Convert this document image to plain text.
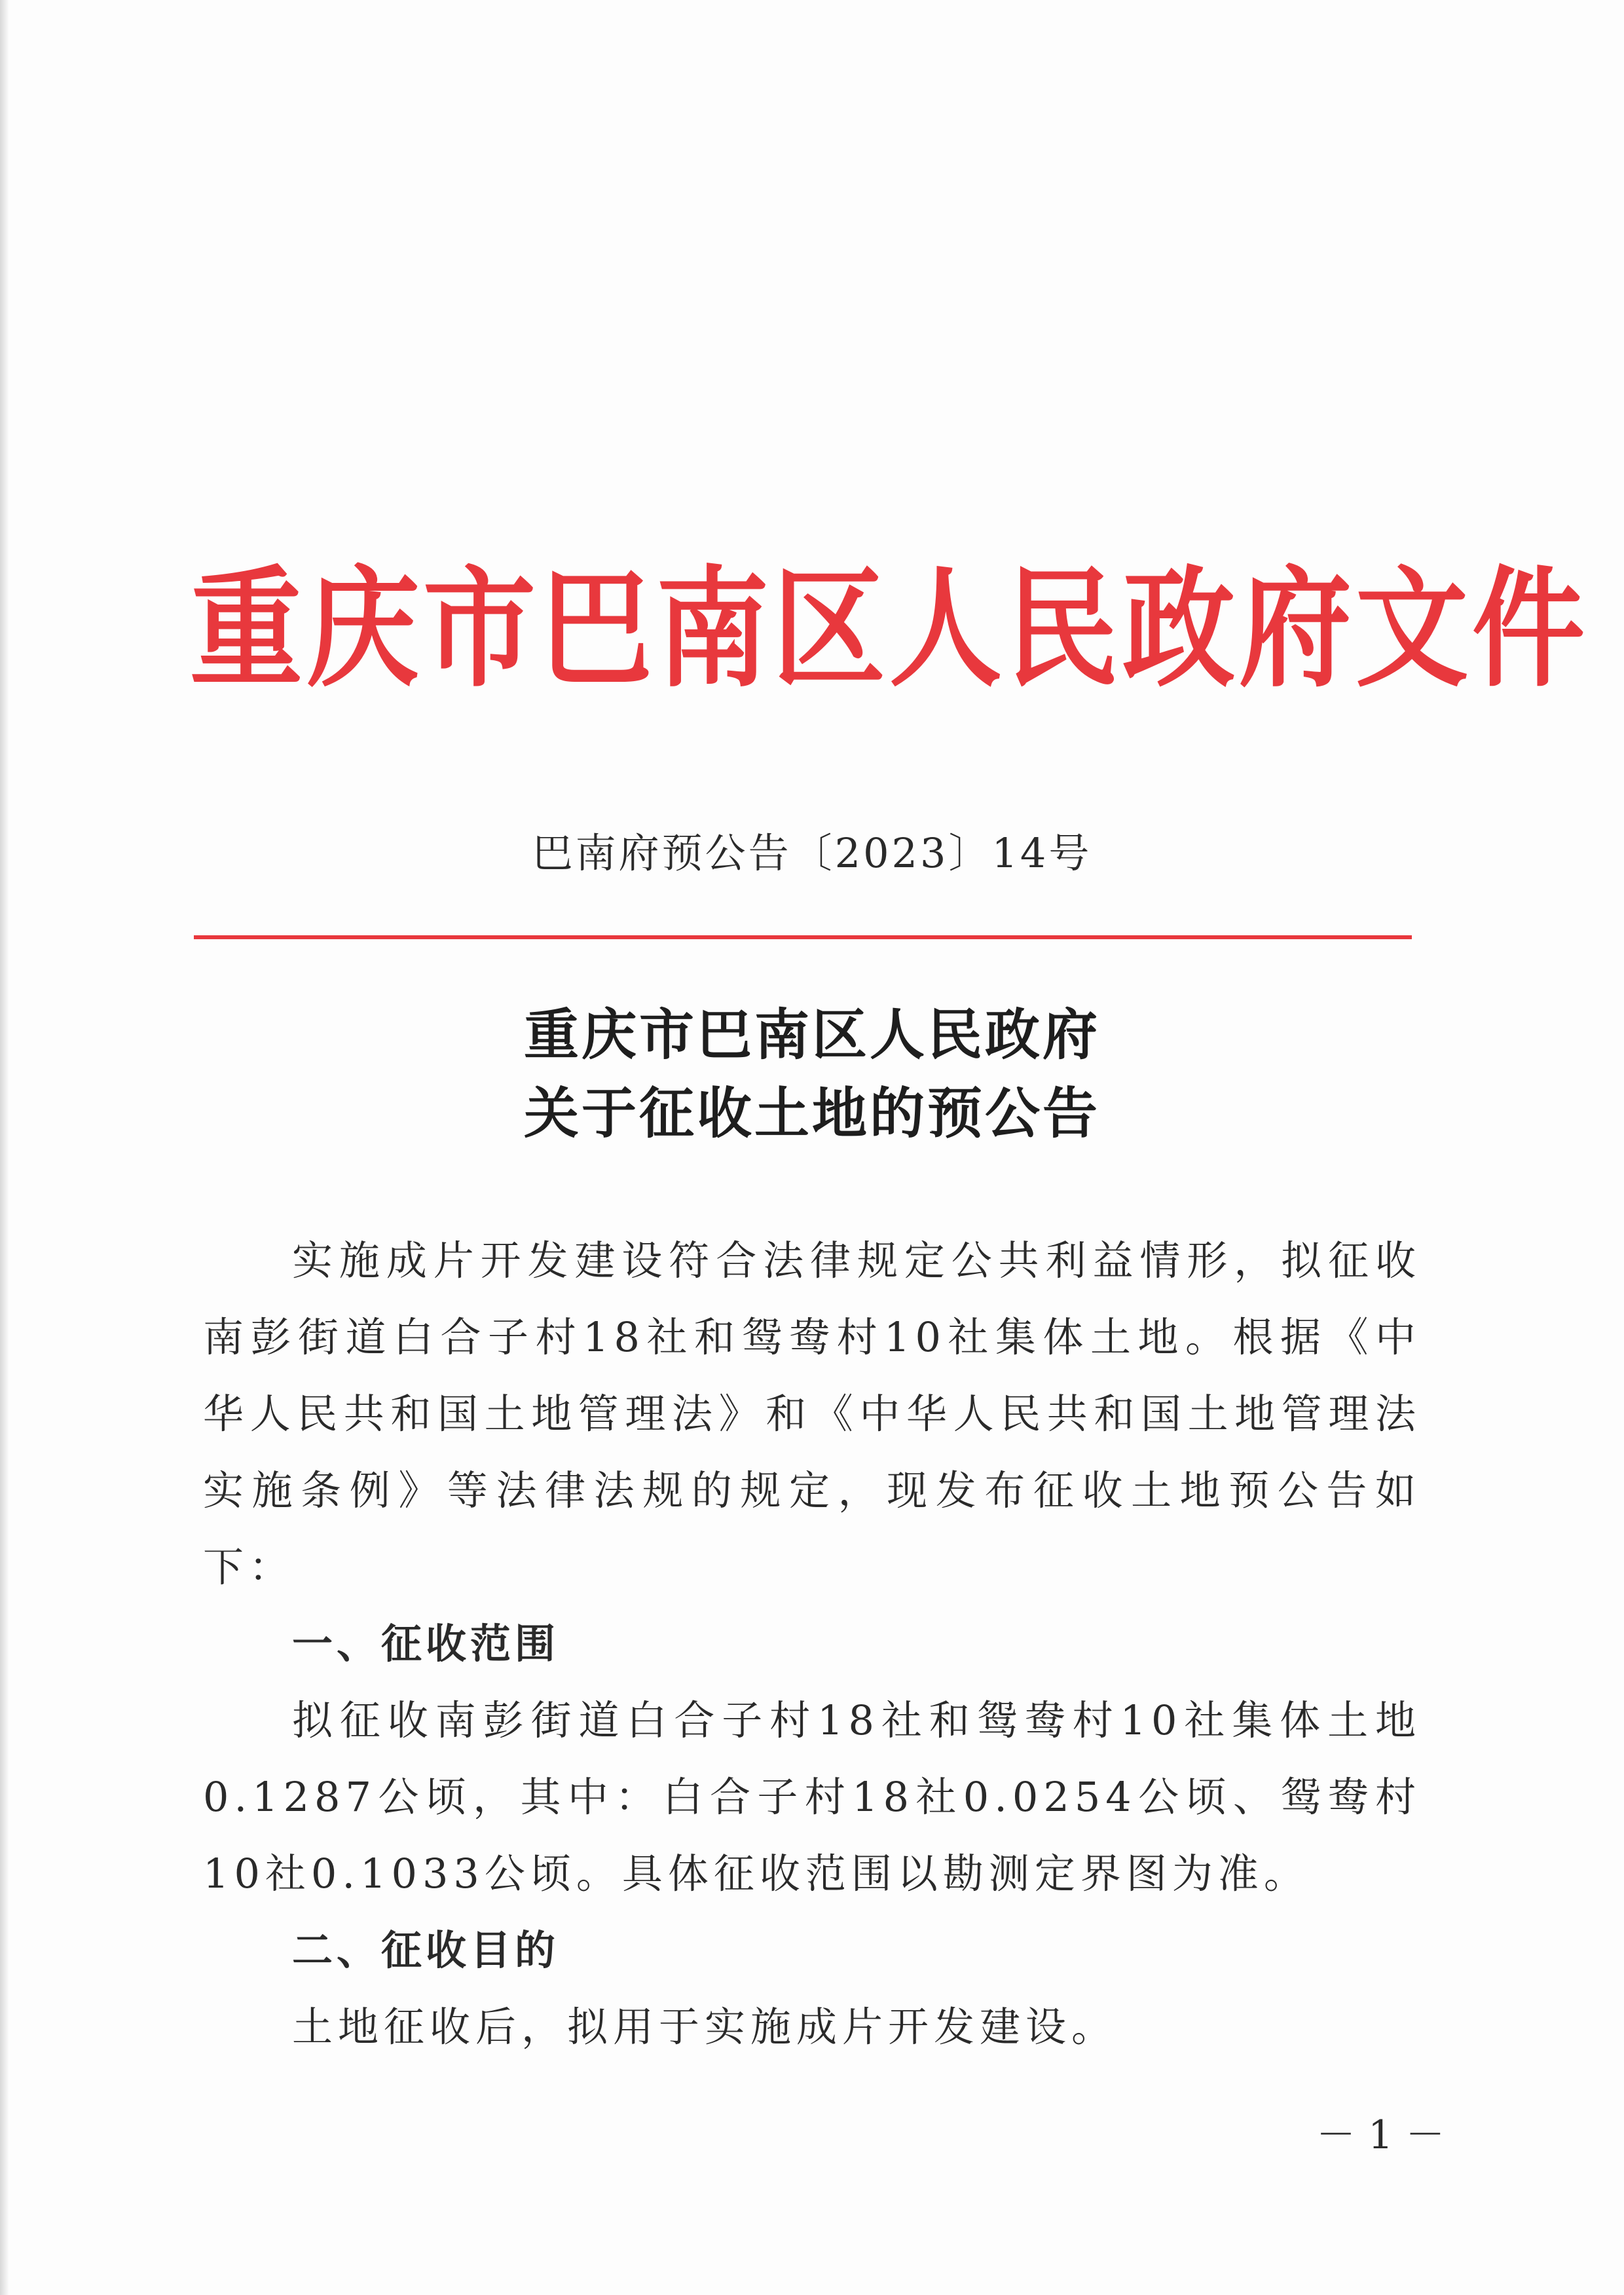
重庆市巴南区人民政府文件
巴南府预公告〔2023〕14号
重庆市巴南区人民政府
关于征收土地的预公告

实施成片开发建设符合法律规定公共利益情形，拟征收南彭街道白合子村18社和鸳鸯村10社集体土地。根据《中华人民共和国土地管理法》和《中华人民共和国土地管理法实施条例》等法律法规的规定，现发布征收土地预公告如下：

一、征收范围

拟征收南彭街道白合子村18社和鸳鸯村10社集体土地0.1287公顷，其中：白合子村18社0.0254公顷、鸳鸯村10社0.1033公顷。具体征收范围以勘测定界图为准。

二、征收目的

土地征收后，拟用于实施成片开发建设。

－ 1 －
